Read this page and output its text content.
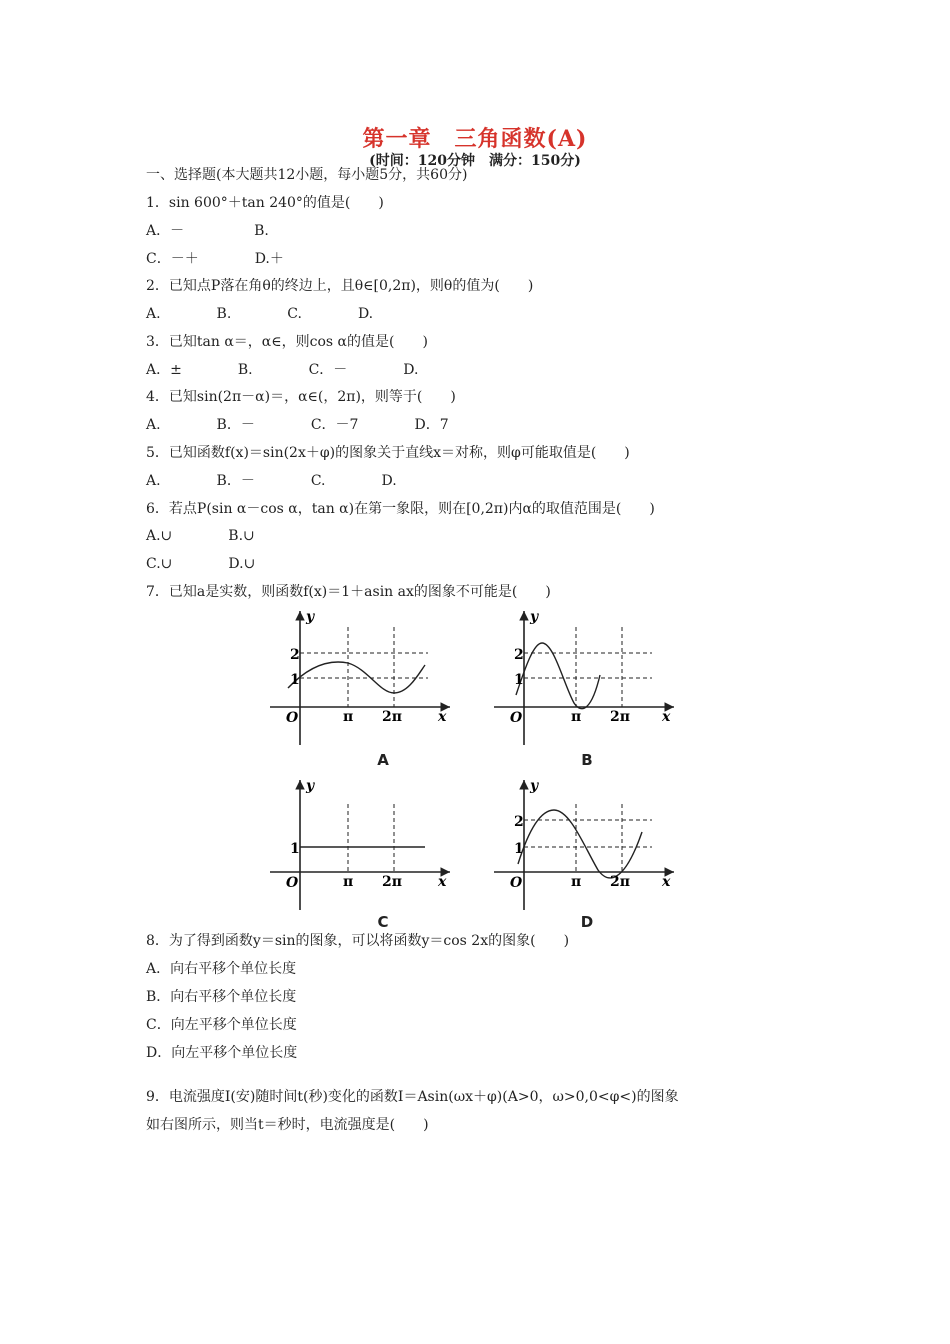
第一章　三角函数(A)
(时间：120分钟　满分：150分)
一、选择题(本大题共12小题，每小题5分，共60分)
1．sin 600°＋tan 240°的值是(　　)
A．－　　　　　B.
C．－＋　　　　D.＋
2．已知点P落在角θ的终边上，且θ∈[0,2π)，则θ的值为(　　)
A.　　　　B.　　　　C.　　　　D.
3．已知tan α＝，α∈，则cos α的值是(　　)
A．±　　　　B.　　　　C．－　　　　D.
4．已知sin(2π－α)＝，α∈(，2π)，则等于(　　)
A.　　　　B．－　　　　C．－7　　　　D．7
5．已知函数f(x)＝sin(2x＋φ)的图象关于直线x＝对称，则φ可能取值是(　　)
A.　　　　B．－　　　　C.　　　　D.
6．若点P(sin α－cos α，tan α)在第一象限，则在[0,2π)内α的取值范围是(　　)
A.∪　　　　B.∪
C.∪　　　　D.∪
7．已知a是实数，则函数f(x)＝1＋asin ax的图象不可能是(　　)
y
x
O
2
1
π 2π
A
y
x
O
2
1
π 2π
B
y
x
O
1
π 2π
C
y
x
O
2
1
π 2π
D
8．为了得到函数y＝sin的图象，可以将函数y＝cos 2x的图象(　　)
A．向右平移个单位长度
B．向右平移个单位长度
C．向左平移个单位长度
D．向左平移个单位长度
9．电流强度I(安)随时间t(秒)变化的函数I＝Asin(ωx＋φ)(A>0，ω>0,0<φ<)的图象
如右图所示，则当t＝秒时，电流强度是(　　)
